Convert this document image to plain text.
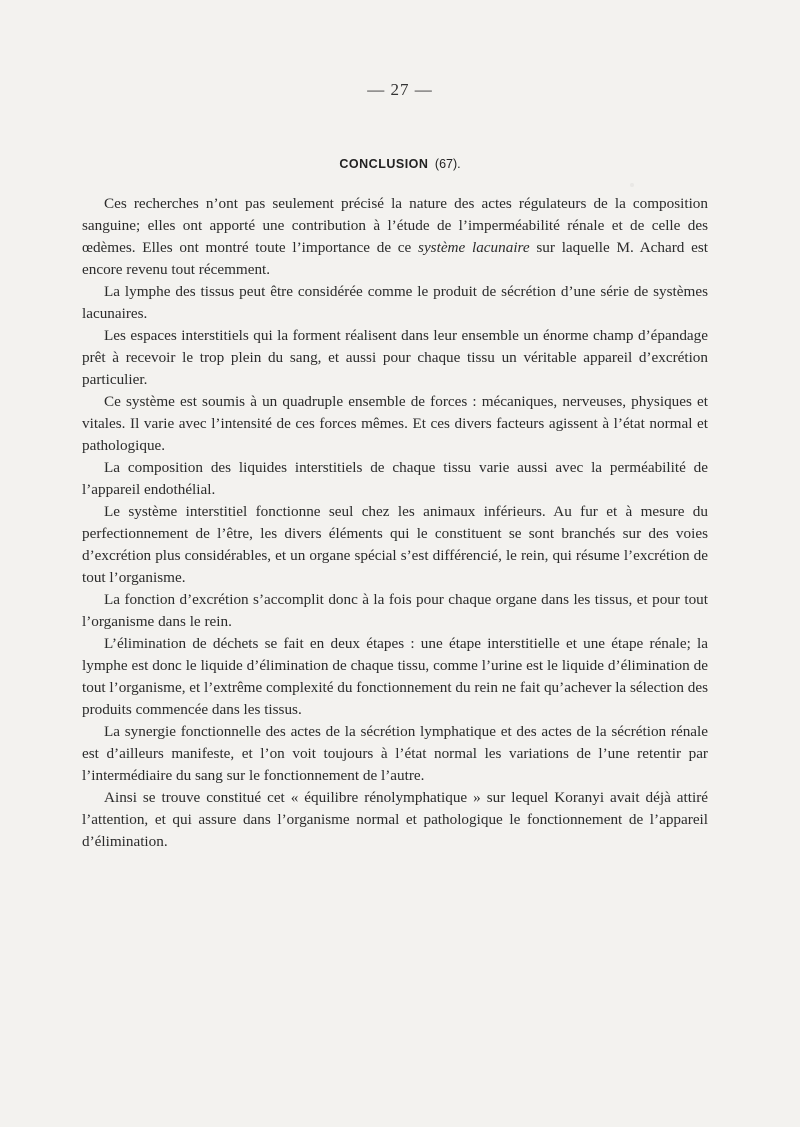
— 27 —
CONCLUSION (67).

Ces recherches n’ont pas seulement précisé la nature des actes régulateurs de la composition sanguine; elles ont apporté une contribution à l’étude de l’imperméabilité rénale et de celle des œdèmes. Elles ont montré toute l’importance de ce système lacunaire sur laquelle M. Achard est encore revenu tout récemment.

La lymphe des tissus peut être considérée comme le produit de sécrétion d’une série de systèmes lacunaires.

Les espaces interstitiels qui la forment réalisent dans leur ensemble un énorme champ d’épandage prêt à recevoir le trop plein du sang, et aussi pour chaque tissu un véritable appareil d’excrétion particulier.

Ce système est soumis à un quadruple ensemble de forces : mécaniques, nerveuses, physiques et vitales. Il varie avec l’intensité de ces forces mêmes. Et ces divers facteurs agissent à l’état normal et pathologique.

La composition des liquides interstitiels de chaque tissu varie aussi avec la perméabilité de l’appareil endothélial.

Le système interstitiel fonctionne seul chez les animaux inférieurs. Au fur et à mesure du perfectionnement de l’être, les divers éléments qui le constituent se sont branchés sur des voies d’excrétion plus considérables, et un organe spécial s’est différencié, le rein, qui résume l’excrétion de tout l’organisme.

La fonction d’excrétion s’accomplit donc à la fois pour chaque organe dans les tissus, et pour tout l’organisme dans le rein.

L’élimination de déchets se fait en deux étapes : une étape interstitielle et une étape rénale; la lymphe est donc le liquide d’élimination de chaque tissu, comme l’urine est le liquide d’élimination de tout l’organisme, et l’extrême complexité du fonctionnement du rein ne fait qu’achever la sélection des produits commencée dans les tissus.

La synergie fonctionnelle des actes de la sécrétion lymphatique et des actes de la sécrétion rénale est d’ailleurs manifeste, et l’on voit toujours à l’état normal les variations de l’une retentir par l’intermédiaire du sang sur le fonctionnement de l’autre.

Ainsi se trouve constitué cet « équilibre rénolymphatique » sur lequel Koranyi avait déjà attiré l’attention, et qui assure dans l’organisme normal et pathologique le fonctionnement de l’appareil d’élimination.
